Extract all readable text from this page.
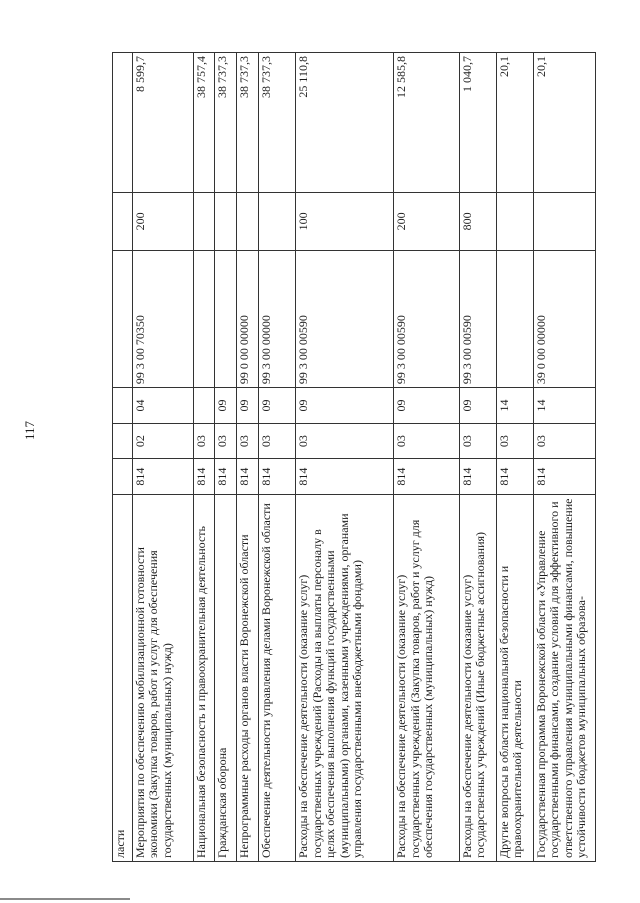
117
ласти						
Мероприятия по обеспечению мобилизационной готовности экономики (Закупка товаров, работ и услуг для обеспечения государственных (муниципальных) нужд)	814	02	04	99 3 00 70350	200	8 599,7
Национальная безопасность и правоохранительная деятельность	814	03				38 757,4
Гражданская оборона	814	03	09			38 737,3
Непрограммные расходы органов власти Воронежской области	814	03	09	99 0 00 00000		38 737,3
Обеспечение деятельности управления делами Воронежской области	814	03	09	99 3 00 00000		38 737,3
Расходы на обеспечение деятельности (оказание услуг) государственных учреждений (Расходы на выплаты персоналу в целях обеспечения выполнения функций государственными (муниципальными) органами, казенными учреждениями, органами управления государственными внебюджетными фондами)	814	03	09	99 3 00 00590	100	25 110,8
Расходы на обеспечение деятельности (оказание услуг) государственных учреждений (Закупка товаров, работ и услуг для обеспечения государственных (муниципальных) нужд)	814	03	09	99 3 00 00590	200	12 585,8
Расходы на обеспечение деятельности (оказание услуг) государственных учреждений (Иные бюджетные ассигнования)	814	03	09	99 3 00 00590	800	1 040,7
Другие вопросы в области национальной безопасности и правоохранительной деятельности	814	03	14			20,1
Государственная программа Воронежской области «Управление государственными финансами, создание условий для эффективного и ответственного управления муниципальными финансами, повышение устойчивости бюджетов муниципальных образова-	814	03	14	39 0 00 00000		20,1
